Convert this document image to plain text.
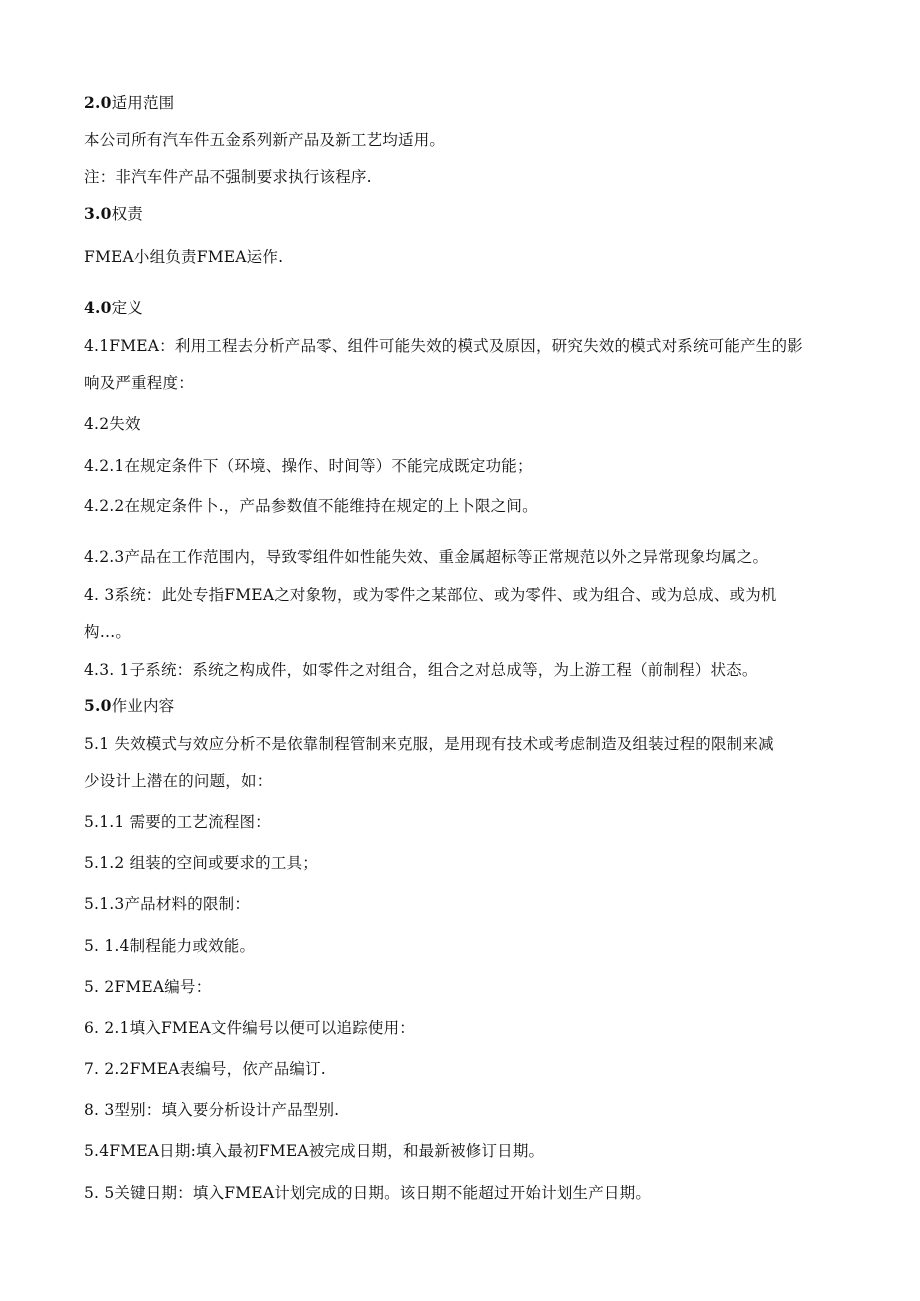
2.0适用范围
本公司所有汽车件五金系列新产品及新工艺均适用。
注：非汽车件产品不强制要求执行该程序.
3.0权责
FMEA小组负责FMEA运作.
4.0定义
4.1FMEA：利用工程去分析产品零、组件可能失效的模式及原因，研究失效的模式对系统可能产生的影
响及严重程度：
4.2失效
4.2.1在规定条件下（环境、操作、时间等）不能完成既定功能；
4.2.2在规定条件卜.，产品参数值不能维持在规定的上卜限之间。
4.2.3产品在工作范围内，导致零组件如性能失效、重金属超标等正常规范以外之异常现象均属之。
4. 3系统：此处专指FMEA之对象物，或为零件之某部位、或为零件、或为组合、或为总成、或为机
构…。
4.3. 1子系统：系统之构成件，如零件之对组合，组合之对总成等，为上游工程（前制程）状态。
5.0作业内容
5.1 失效模式与效应分析不是依靠制程管制来克服，是用现有技术或考虑制造及组装过程的限制来减
少设计上潜在的问题，如：
5.1.1 需要的工艺流程图：
5.1.2 组装的空间或要求的工具；
5.1.3产品材料的限制：
5. 1.4制程能力或效能。
5. 2FMEA编号：
6. 2.1填入FMEA文件编号以便可以追踪使用：
7. 2.2FMEA表编号，依产品编订.
8. 3型别：填入要分析设计产品型别.
5.4FMEA日期:填入最初FMEA被完成日期，和最新被修订日期。
5. 5关键日期：填入FMEA计划完成的日期。该日期不能超过开始计划生产日期。
